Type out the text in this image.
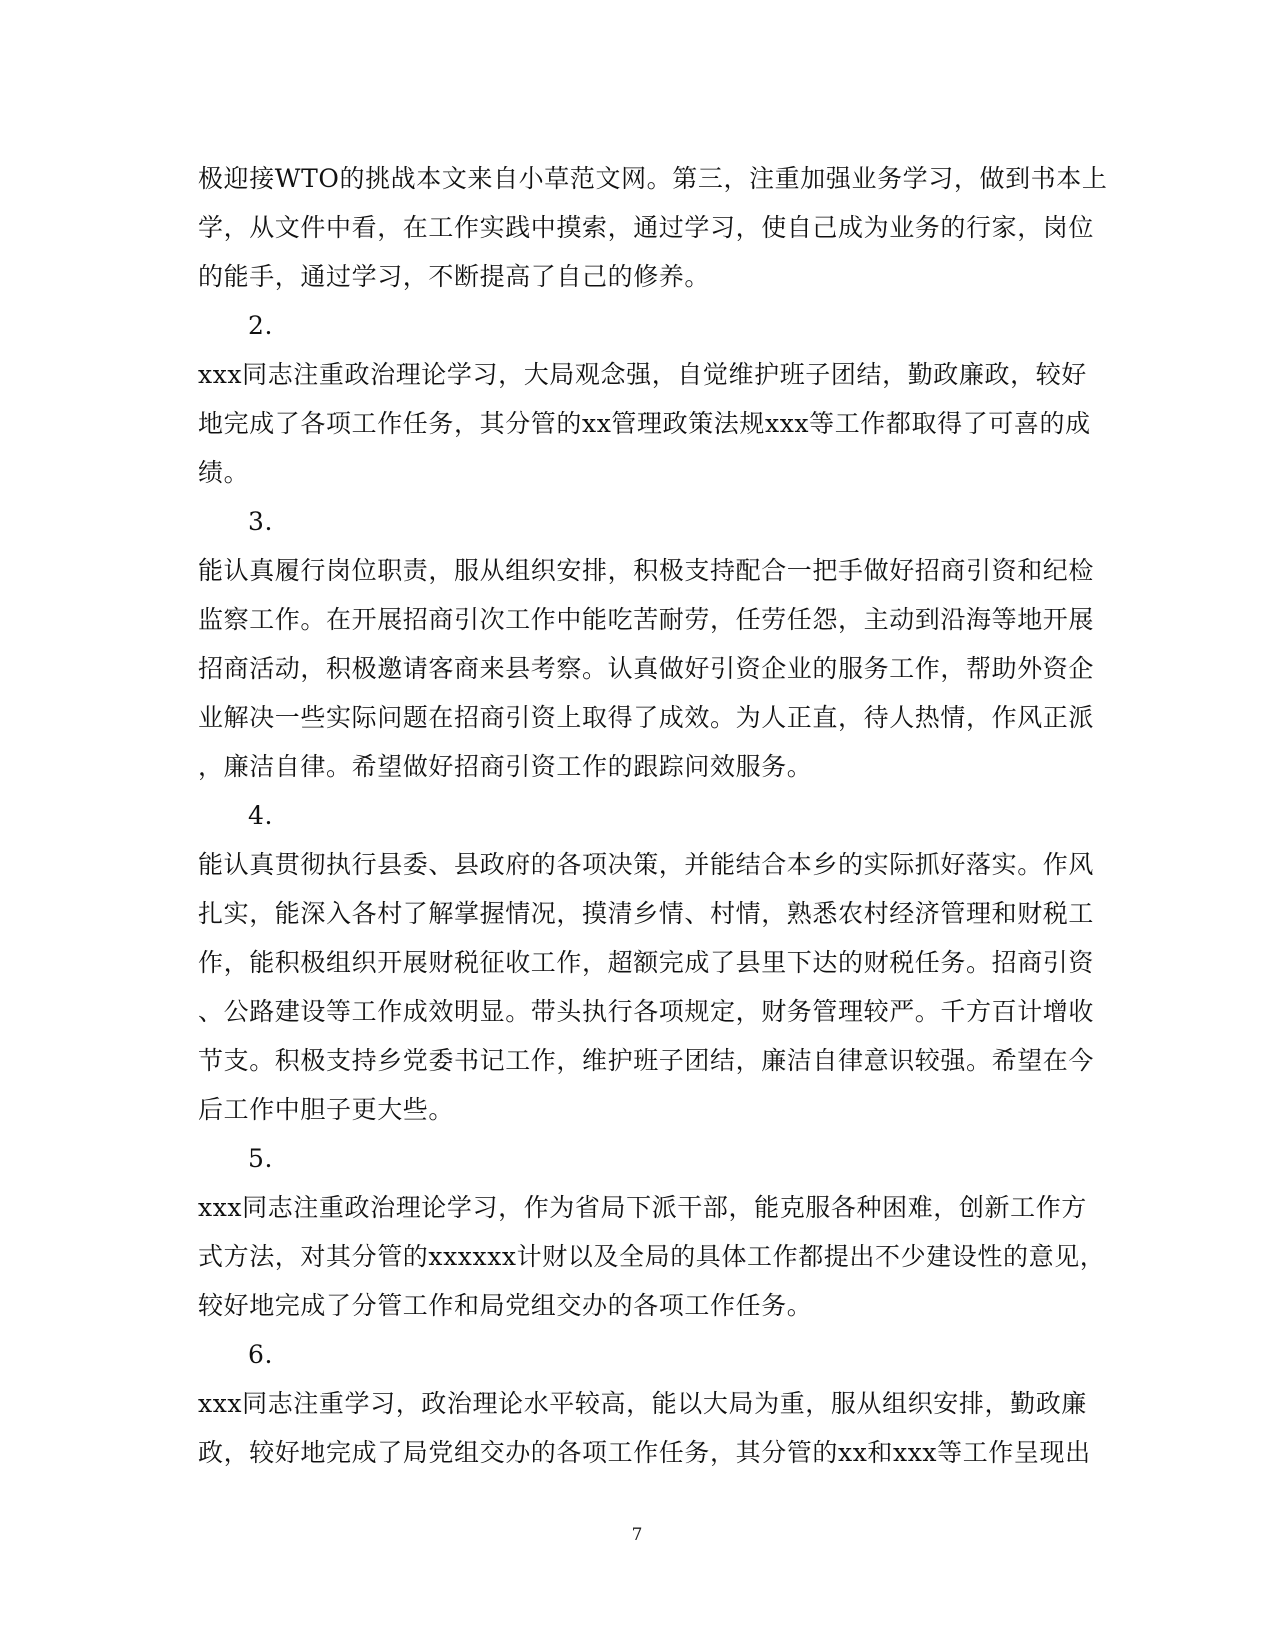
极迎接WTO的挑战本文来自小草范文网。第三，注重加强业务学习，做到书本上
学，从文件中看，在工作实践中摸索，通过学习，使自己成为业务的行家，岗位
的能手，通过学习，不断提高了自己的修养。
2.
xxx同志注重政治理论学习，大局观念强，自觉维护班子团结，勤政廉政，较好
地完成了各项工作任务，其分管的xx管理政策法规xxx等工作都取得了可喜的成
绩。
3.
能认真履行岗位职责，服从组织安排，积极支持配合一把手做好招商引资和纪检
监察工作。在开展招商引次工作中能吃苦耐劳，任劳任怨，主动到沿海等地开展
招商活动，积极邀请客商来县考察。认真做好引资企业的服务工作，帮助外资企
业解决一些实际问题在招商引资上取得了成效。为人正直，待人热情，作风正派
，廉洁自律。希望做好招商引资工作的跟踪问效服务。
4.
能认真贯彻执行县委、县政府的各项决策，并能结合本乡的实际抓好落实。作风
扎实，能深入各村了解掌握情况，摸清乡情、村情，熟悉农村经济管理和财税工
作，能积极组织开展财税征收工作，超额完成了县里下达的财税任务。招商引资
、公路建设等工作成效明显。带头执行各项规定，财务管理较严。千方百计增收
节支。积极支持乡党委书记工作，维护班子团结，廉洁自律意识较强。希望在今
后工作中胆子更大些。
5.
xxx同志注重政治理论学习，作为省局下派干部，能克服各种困难，创新工作方
式方法，对其分管的xxxxxx计财以及全局的具体工作都提出不少建设性的意见，
较好地完成了分管工作和局党组交办的各项工作任务。
6.
xxx同志注重学习，政治理论水平较高，能以大局为重，服从组织安排，勤政廉
政，较好地完成了局党组交办的各项工作任务，其分管的xx和xxx等工作呈现出
7
